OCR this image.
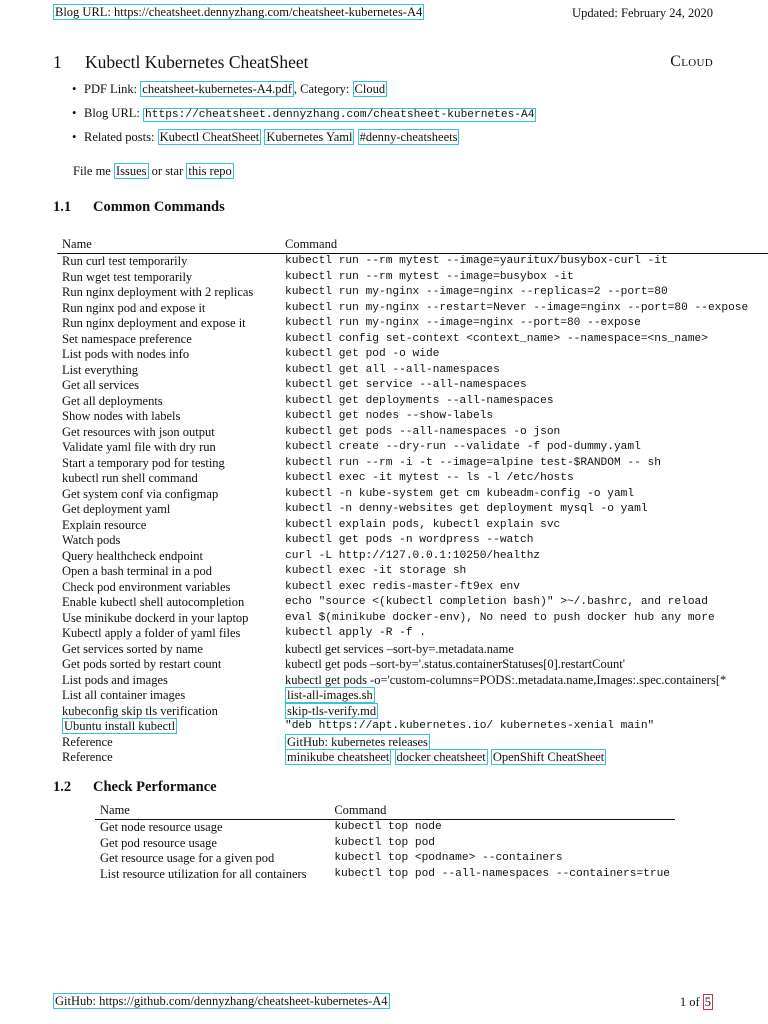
Blog URL: https://cheatsheet.dennyzhang.com/cheatsheet-kubernetes-A4	Updated: February 24, 2020
1 Kubectl Kubernetes CheatSheet	Cloud
• PDF Link: cheatsheet-kubernetes-A4.pdf , Category: Cloud
• Blog URL: https://cheatsheet.dennyzhang.com/cheatsheet-kubernetes-A4
• Related posts: Kubectl CheatSheet Kubernetes Yaml #denny-cheatsheets
File me Issues or star this repo
1.1 Common Commands
Name	Command
Run curl test temporarily	kubectl run --rm mytest --image=yauritux/busybox-curl -it
Run wget test temporarily	kubectl run --rm mytest --image=busybox -it
Run nginx deployment with 2 replicas	kubectl run my-nginx --image=nginx --replicas=2 --port=80
Run nginx pod and expose it	kubectl run my-nginx --restart=Never --image=nginx --port=80 --expose
Run nginx deployment and expose it	kubectl run my-nginx --image=nginx --port=80 --expose
Set namespace preference	kubectl config set-context <context_name> --namespace=<ns_name>
List pods with nodes info	kubectl get pod -o wide
List everything	kubectl get all --all-namespaces
Get all services	kubectl get service --all-namespaces
Get all deployments	kubectl get deployments --all-namespaces
Show nodes with labels	kubectl get nodes --show-labels
Get resources with json output	kubectl get pods --all-namespaces -o json
Validate yaml file with dry run	kubectl create --dry-run --validate -f pod-dummy.yaml
Start a temporary pod for testing	kubectl run --rm -i -t --image=alpine test-$RANDOM -- sh
kubectl run shell command	kubectl exec -it mytest -- ls -l /etc/hosts
Get system conf via configmap	kubectl -n kube-system get cm kubeadm-config -o yaml
Get deployment yaml	kubectl -n denny-websites get deployment mysql -o yaml
Explain resource	kubectl explain pods, kubectl explain svc
Watch pods	kubectl get pods -n wordpress --watch
Query healthcheck endpoint	curl -L http://127.0.0.1:10250/healthz
Open a bash terminal in a pod	kubectl exec -it storage sh
Check pod environment variables	kubectl exec redis-master-ft9ex env
Enable kubectl shell autocompletion	echo "source <(kubectl completion bash)" >~/.bashrc, and reload
Use minikube dockerd in your laptop	eval $(minikube docker-env), No need to push docker hub any more
Kubectl apply a folder of yaml files	kubectl apply -R -f .
Get services sorted by name	kubectl get services –sort-by=.metadata.name
Get pods sorted by restart count	kubectl get pods –sort-by='.status.containerStatuses[0].restartCount'
List pods and images	kubectl get pods -o='custom-columns=PODS:.metadata.name,Images:.spec.containers[*
List all container images	list-all-images.sh
kubeconfig skip tls verification	skip-tls-verify.md
Ubuntu install kubectl	"deb https://apt.kubernetes.io/ kubernetes-xenial main"
Reference	GitHub: kubernetes releases
Reference	minikube cheatsheet docker cheatsheet OpenShift CheatSheet
1.2 Check Performance
Name	Command
Get node resource usage	kubectl top node
Get pod resource usage	kubectl top pod
Get resource usage for a given pod	kubectl top <podname> --containers
List resource utilization for all containers	kubectl top pod --all-namespaces --containers=true
GitHub: https://github.com/dennyzhang/cheatsheet-kubernetes-A4	1 of 5
